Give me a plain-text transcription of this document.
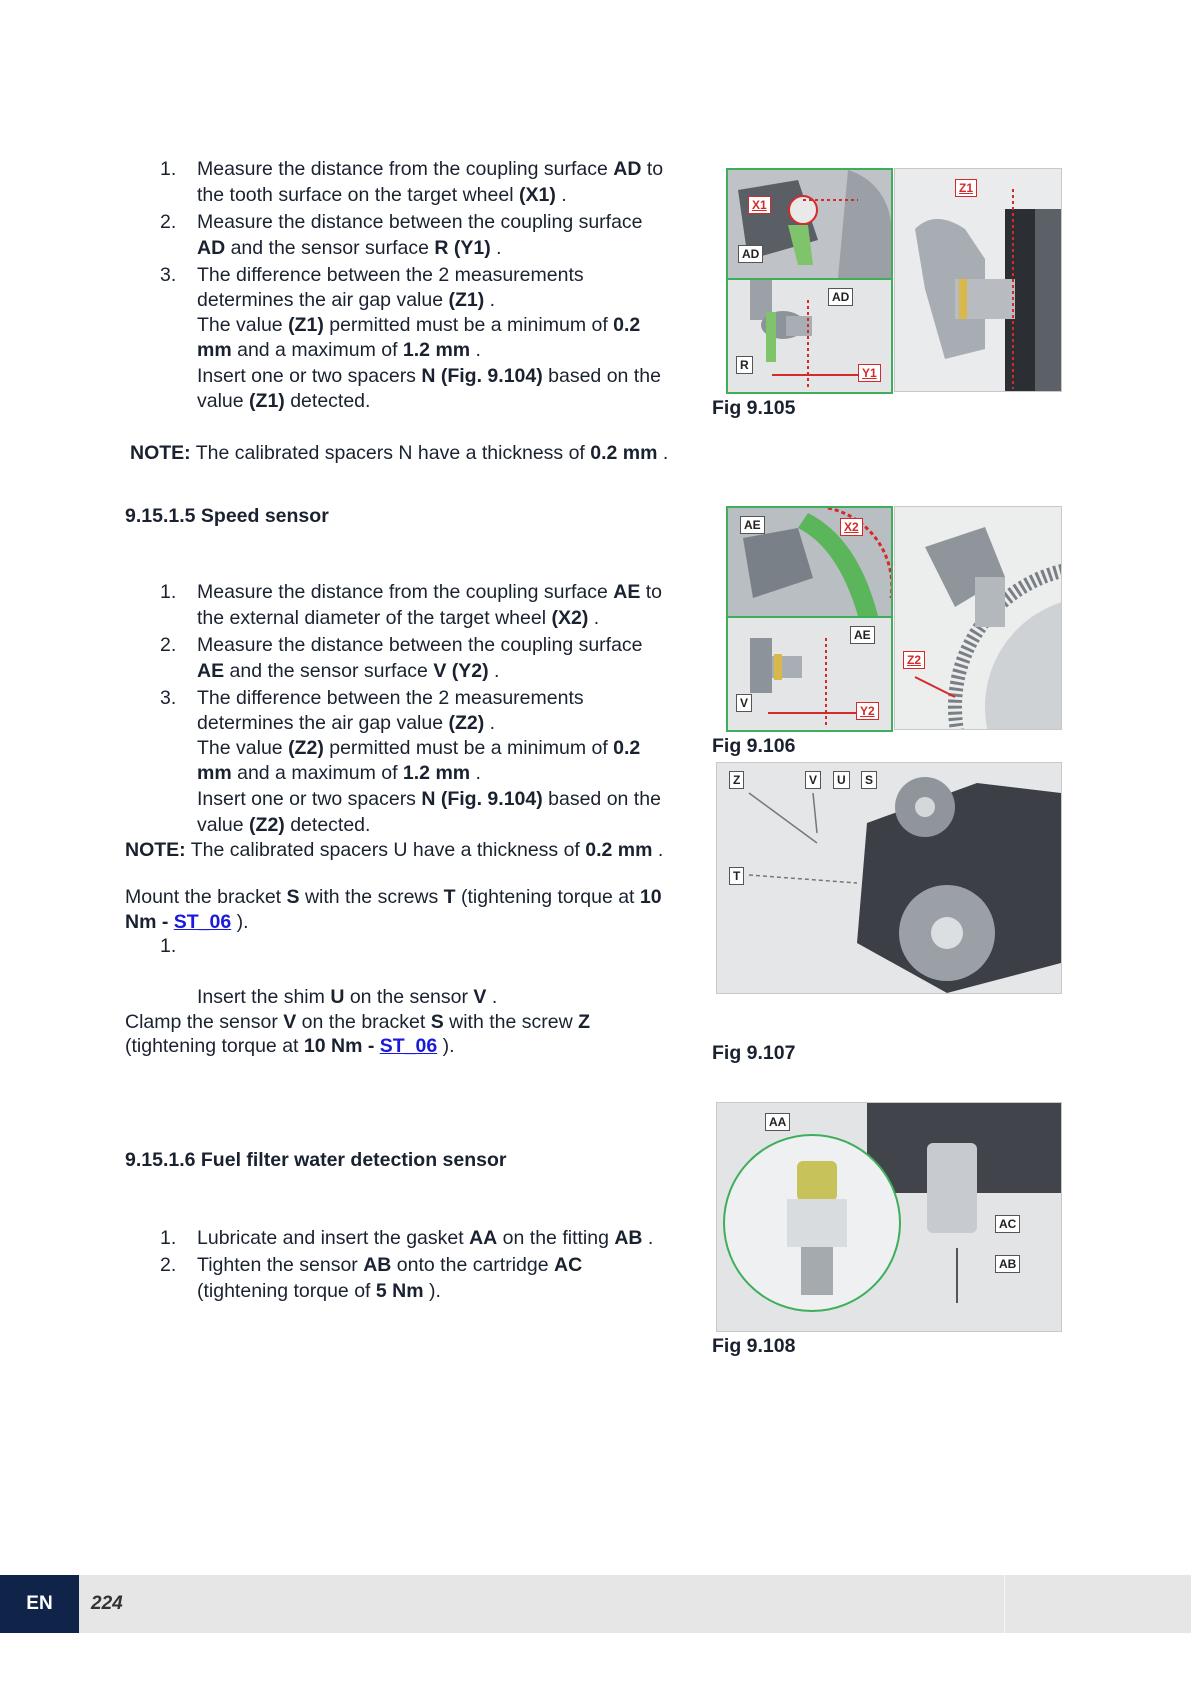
1. Measure the distance from the coupling surface AD to
the tooth surface on the target wheel (X1) .
2. Measure the distance between the coupling surface
AD and the sensor surface R (Y1) .
3. The difference between the 2 measurements
determines the air gap value (Z1) .
The value (Z1) permitted must be a minimum of 0.2
mm and a maximum of 1.2 mm .
Insert one or two spacers N (Fig. 9.104) based on the
value (Z1) detected.
NOTE: The calibrated spacers N have a thickness of 0.2 mm .
9.15.1.5 Speed sensor
1. Measure the distance from the coupling surface AE to
the external diameter of the target wheel (X2) .
2. Measure the distance between the coupling surface
AE and the sensor surface V (Y2) .
3. The difference between the 2 measurements
determines the air gap value (Z2) .
The value (Z2) permitted must be a minimum of 0.2
mm and a maximum of 1.2 mm .
Insert one or two spacers N (Fig. 9.104) based on the
value (Z2) detected.
NOTE: The calibrated spacers U have a thickness of 0.2 mm .
Mount the bracket S with the screws T (tightening torque at 10
Nm - ST_06 ).
1.
Insert the shim U on the sensor V .
Clamp the sensor V on the bracket S with the screw Z
(tightening torque at 10 Nm - ST_06 ).
9.15.1.6 Fuel filter water detection sensor
1. Lubricate and insert the gasket AA on the fitting AB .
2. Tighten the sensor AB onto the cartridge AC
(tightening torque of 5 Nm ).
X1
AD
AD
R
Y1
Z1
Fig 9.105
AE	X2
AE
V
Y2
Z2
Fig 9.106
Z	V	U	S
T
Fig 9.107
AA
AC
AB
Fig 9.108
EN	224
